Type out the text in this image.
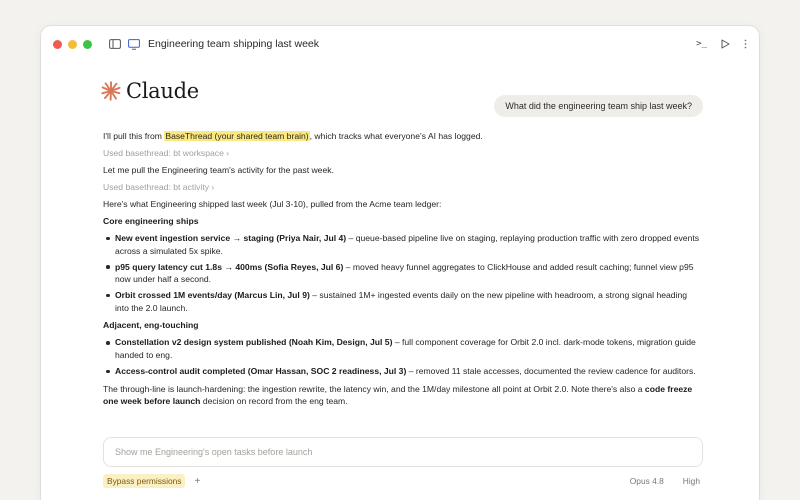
Engineering team shipping last week	>_
Claude
What did the engineering team ship last week?

I'll pull this from BaseThread (your shared team brain), which tracks what everyone's AI has logged.

Used basethread: bt workspace ›

Let me pull the Engineering team's activity for the past week.

Used basethread: bt activity ›

Here's what Engineering shipped last week (Jul 3-10), pulled from the Acme team ledger:

Core engineering ships

New event ingestion service → staging (Priya Nair, Jul 4) – queue-based pipeline live on staging, replaying production traffic with zero dropped events across a simulated 5x spike.
p95 query latency cut 1.8s → 400ms (Sofia Reyes, Jul 6) – moved heavy funnel aggregates to ClickHouse and added result caching; funnel view p95 now under half a second.
Orbit crossed 1M events/day (Marcus Lin, Jul 9) – sustained 1M+ ingested events daily on the new pipeline with headroom, a strong signal heading into the 2.0 launch.

Adjacent, eng-touching

Constellation v2 design system published (Noah Kim, Design, Jul 5) – full component coverage for Orbit 2.0 incl. dark-mode tokens, migration guide handed to eng.
Access-control audit completed (Omar Hassan, SOC 2 readiness, Jul 3) – removed 11 stale accesses, documented the review cadence for auditors.

The through-line is launch-hardening: the ingestion rewrite, the latency win, and the 1M/day milestone all point at Orbit 2.0. Note there's also a code freeze one week before launch decision on record from the eng team.

Show me Engineering's open tasks before launch
Bypass permissions	+	Opus 4.8 High
